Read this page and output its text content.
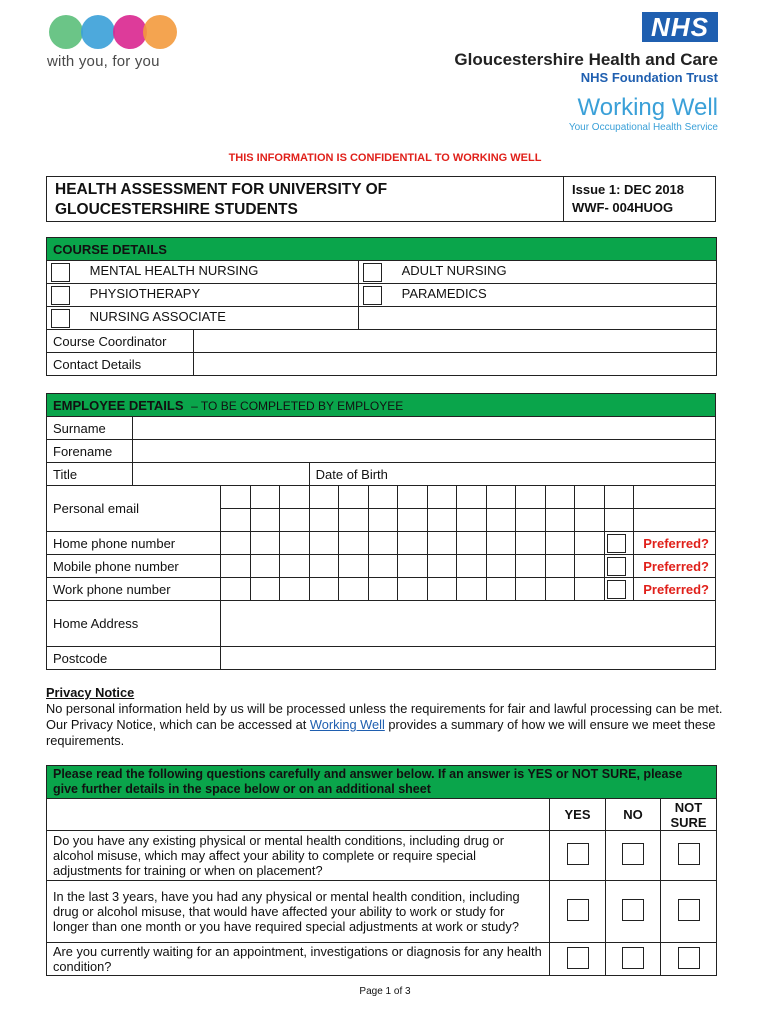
with you, for you
NHS
Gloucestershire Health and Care
NHS Foundation Trust
Working Well
Your Occupational Health Service
THIS INFORMATION IS CONFIDENTIAL TO WORKING WELL
HEALTH ASSESSMENT FOR UNIVERSITY OF
GLOUCESTERSHIRE STUDENTS
Issue 1: DEC 2018
WWF- 004HUOG
COURSE DETAILS		
MENTAL HEALTH NURSING		ADULT NURSING
PHYSIOTHERAPY		PARAMEDICS
NURSING ASSOCIATE		
Course Coordinator		
Contact Details		
EMPLOYEE DETAILS – TO BE COMPLETED BY EMPLOYEE																
Surname																
Forename																
Title					Date of Birth											
Personal email																

Home phone number																Preferred?
Mobile phone number																Preferred?
Work phone number																Preferred?
Home Address																
Postcode																
Privacy Notice
No personal information held by us will be processed unless the requirements for fair and lawful processing can be met. Our Privacy Notice, which can be accessed at Working Well provides a summary of how we will ensure we meet these requirements.
Please read the following questions carefully and answer below. If an answer is YES or NOT SURE, please give further details in the space below or on an additional sheet			
	YES	NO	NOT SURE
Do you have any existing physical or mental health conditions, including drug or alcohol misuse, which may affect your ability to complete or require special adjustments for training or when on placement?			
In the last 3 years, have you had any physical or mental health condition, including drug or alcohol misuse, that would have affected your ability to work or study for longer than one month or you have required special adjustments at work or study?			
Are you currently waiting for an appointment, investigations or diagnosis for any health condition?			
Page 1 of 3
